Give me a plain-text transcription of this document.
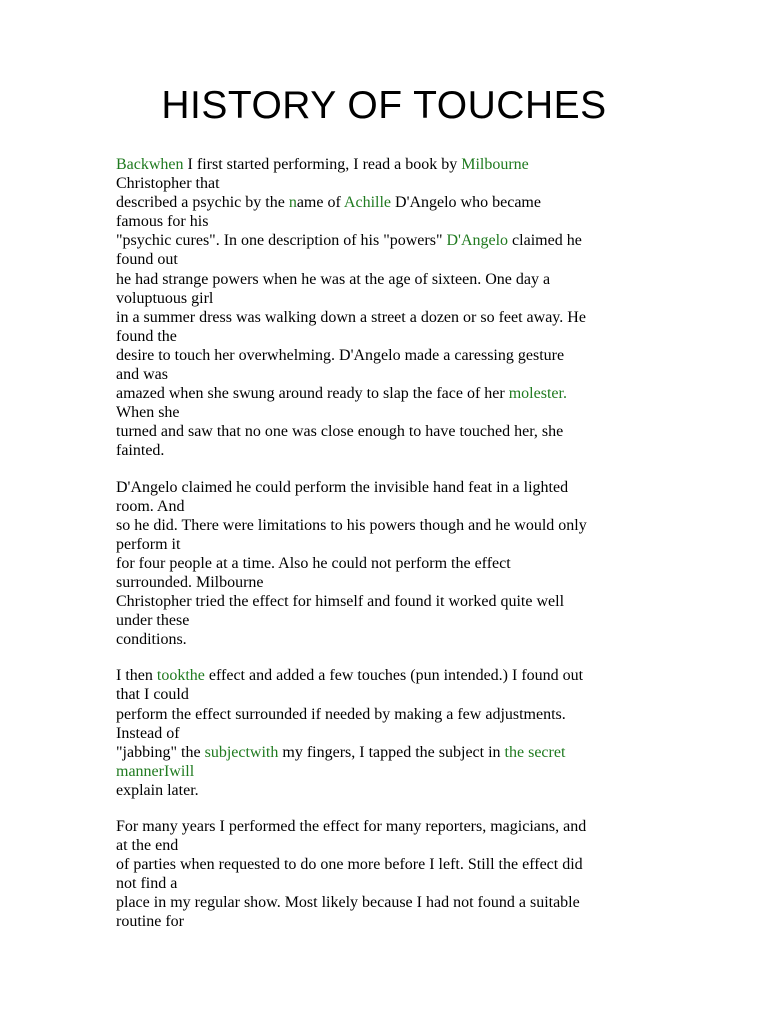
HISTORY OF TOUCHES

Backwhen I first started performing, I read a book by Milbourne
Christopher that
described a psychic by the name of Achille D'Angelo who became
famous for his
"psychic cures". In one description of his "powers" D'Angelo claimed he
found out
he had strange powers when he was at the age of sixteen. One day a
voluptuous girl
in a summer dress was walking down a street a dozen or so feet away. He
found the
desire to touch her overwhelming. D'Angelo made a caressing gesture
and was
amazed when she swung around ready to slap the face of her molester.
When she
turned and saw that no one was close enough to have touched her, she
fainted.

D'Angelo claimed he could perform the invisible hand feat in a lighted
room. And
so he did. There were limitations to his powers though and he would only
perform it
for four people at a time. Also he could not perform the effect
surrounded. Milbourne
Christopher tried the effect for himself and found it worked quite well
under these
conditions.

I then tookthe effect and added a few touches (pun intended.) I found out
that I could
perform the effect surrounded if needed by making a few adjustments.
Instead of
"jabbing" the subjectwith my fingers, I tapped the subject in the secret
mannerIwill
explain later.

For many years I performed the effect for many reporters, magicians, and
at the end
of parties when requested to do one more before I left. Still the effect did
not find a
place in my regular show. Most likely because I had not found a suitable
routine for
